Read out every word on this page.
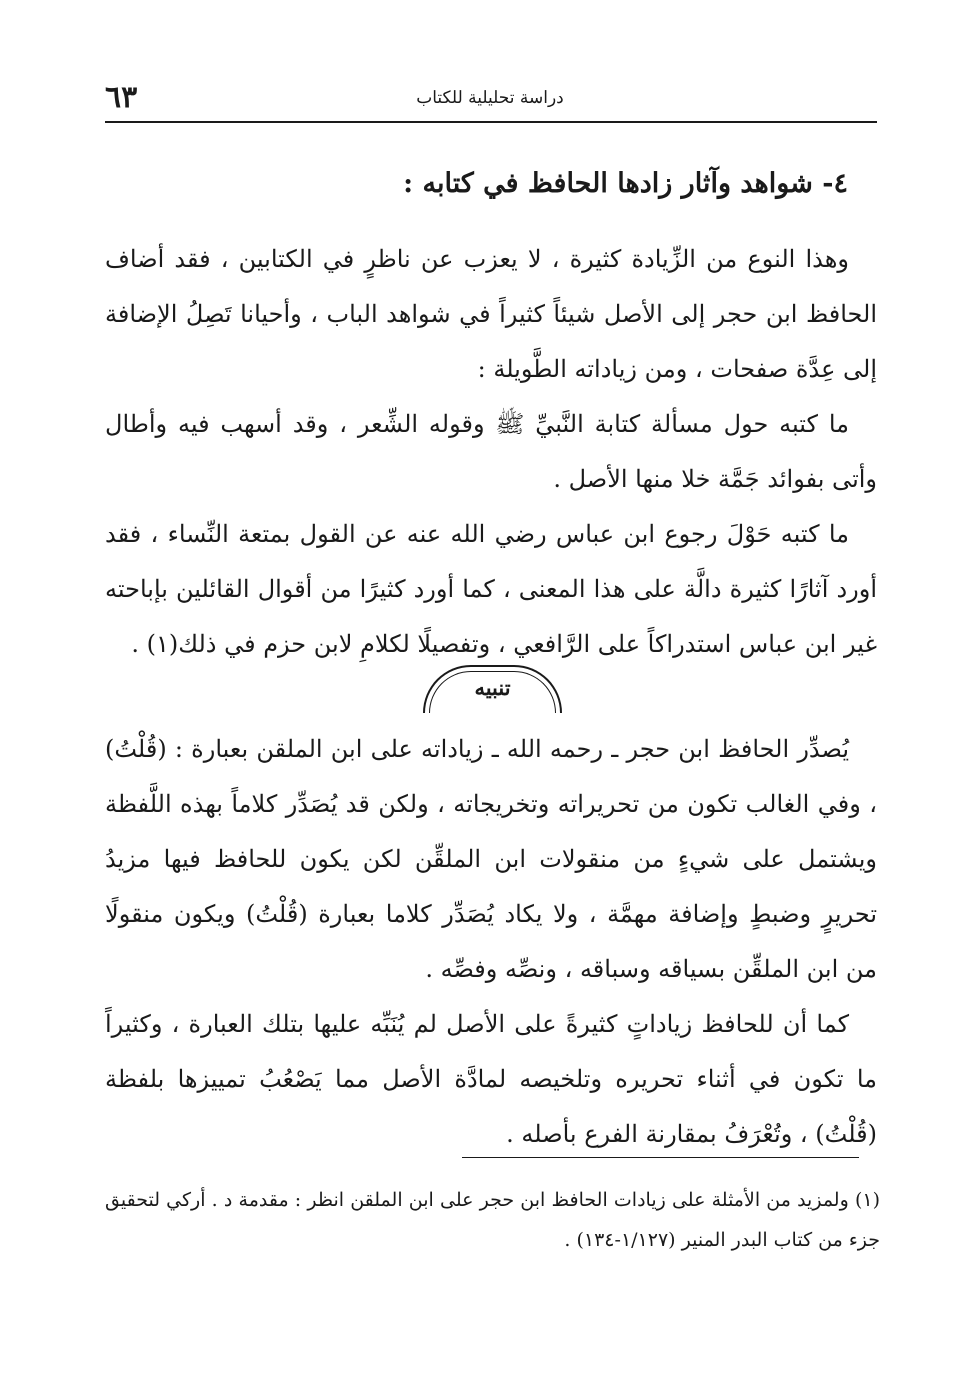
٦٣	دراسة تحليلية للكتاب
٤- شواهد وآثار زادها الحافظ في كتابه :

وهذا النوع من الزِّيادة كثيرة ، لا يعزب عن ناظرٍ في الكتابين ، فقد أضاف الحافظ ابن حجر إلى الأصل شيئاً كثيراً في شواهد الباب ، وأحيانا تَصِلُ الإضافة إلى عِدَّة صفحات ، ومن زياداته الطَّويلة :

ما كتبه حول مسألة كتابة النَّبيِّ ﷺ وقوله الشِّعر ، وقد أسهب فيه وأطال وأتى بفوائد جَمَّة خلا منها الأصل .

ما كتبه حَوْلَ رجوع ابن عباس رضي الله عنه عن القول بمتعة النِّساء ، فقد أورد آثارًا كثيرة دالَّة على هذا المعنى ، كما أورد كثيرًا من أقوال القائلين بإباحته غير ابن عباس استدراكاً على الرَّافعي ، وتفصيلًا لكلامِ لابن حزم في ذلك(١) .

تنبيه

يُصدِّر الحافظ ابن حجر ـ رحمه الله ـ زياداته على ابن الملقن بعبارة : (قُلْتُ) ، وفي الغالب تكون من تحريراته وتخريجاته ، ولكن قد يُصَدِّر كلاماً بهذه اللَّفظة ويشتمل على شيءٍ من منقولات ابن الملقِّن لكن يكون للحافظ فيها مزيدُ تحريرٍ وضبطٍ وإضافة مهمَّة ، ولا يكاد يُصَدِّر كلاما بعبارة (قُلْتُ) ويكون منقولًا من ابن الملقِّن بسياقه وسباقه ، ونصِّه وفصِّه .

كما أن للحافظ زياداتٍ كثيرةً على الأصل لم يُنَبِّه عليها بتلك العبارة ، وكثيراً ما تكون في أثناء تحريره وتلخيصه لمادَّة الأصل مما يَصْعُبُ تمييزها بلفظة (قُلْتُ) ، وتُعْرَفُ بمقارنة الفرع بأصله .

(١) ولمزيد من الأمثلة على زيادات الحافظ ابن حجر على ابن الملقن انظر : مقدمة د . أركي لتحقيق جزء من كتاب البدر المنير (١/١٢٧-١٣٤) .
